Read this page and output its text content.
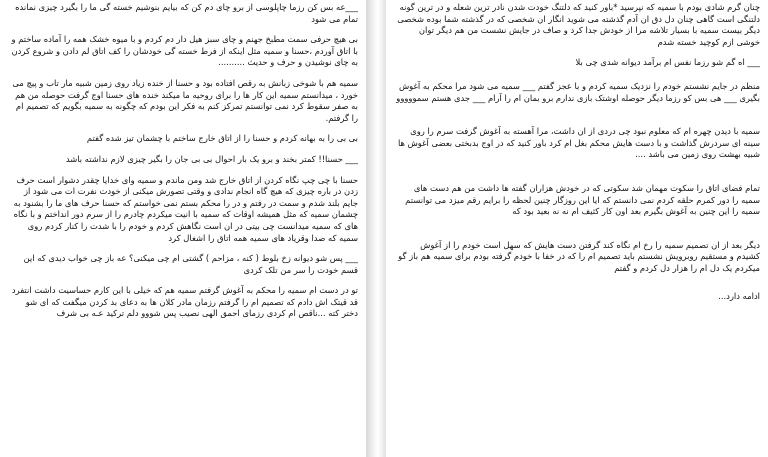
___عه بس کن رزما چاپلوسی از برو چای دم کن که بیایم بنوشیم خسته گی ما را بگیرد چیزی نمانده تمام می شود

بی هیچ حرفی سمت مطبخ جهنم و چای سبز هیل دار دم کردم و با میوه خشک همه را آماده ساختم و با اتاق آوردم ،حسنا و سمیه مثل اینکه از فرط خسته گی خودشان را کف اتاق لم دادن و شروع کردن به چای نوشیدن و حرف و حدیث ..........

سمیه هم با شوخی زبانش به رقص افتاده بود و حسنا از خنده زیاد روی زمین شبیه مار تاب و پیچ می خورد ، میدانستم سمیه این کار ها را برای روحیه ما میکند خنده های حسنا اوج گرفت حوصله من هم به صفر سقوط کرد نمی توانستم تمرکز کنم به فکر این بودم که چگونه به سمیه بگویم که تصمیم ام را گرفتم.

بی بی را به بهانه کردم و حسنا را از اتاق خارج ساختم با چشمان تیز شده گفتم

___ حسنا!! کمتر بخند و برو یک بار احوال بی بی جان را بگیر چیزی لازم نداشته باشد

حسنا با چی چپ نگاه کردن از اتاق خارج شد ومن ماندم و سمیه وای خدایا چقدر دشوار است حرف زدن در باره چیزی که هیچ گاه انجام ندادی و وقتی تصورش میکنی از خودت نفرت ات می شود از جایم بلند شدم و سمت در رفتم و در را محکم بستم نمی خواستم که حسنا حرف های ما را بشنود به چشمان سمیه که مثل همیشه اوقات که سمیه با انیت میکردم چادرم را از سرم دور انداختم و با نگاه های که سمیه میدانست چی بیتی در ان است نگاهش کردم و خودم را با شدت را کنار کردم روی سمیه که صدا وقریاد های سمیه همه اتاق را اشغال کرد

___ پس شو دیوانه زخ بلوط ( کنه ، مزاحم ) گشتی ام چی میکنی؟ عه باز چی خواب دیدی که این قسم خودت را سر من تلک کردی

تو در دست ام سمیه را محکم به آغوش گرفتم سمیه هم که خیلی با این کارم حساسیت داشت انتفرد قد قیتک اش دادم که تصمیم ام را گرفتم رزمان مادر کلان ها به دعای بد کردن میگفت که ای شو دختر کته ...ناقص ام کردی رزمای احمق الهی نصیب پس شووو دلم ترکید عـه بی شرف

چنان گرم شادی بودم با سمیه که نپرسید *باور کنید که دلتنگ خودت شدن نادر ترین شعله و در ترین گونه دلتنگی است گاهی چنان دل دق ان آدم گذشته می شوید انگار ان شخصی که در گذشته شما بوده شخصی دیگر بیست سمیه با بسیار تلاشه مرا از خودش جدا کرد و صاف در جایش نشست من هم دیگر توان خوشی ازم کوچید خسته شدم

___ اه گم شو رزما نفس ام برآمد دیوانه شدی چی بلا

منظم در جایم نشستم خودم را نزدیک سمیه کردم و با عجز گفتم ___ سمیه می شود مرا محکم به آغوش بگیری ___ هی بس کو رزما دیگر حوصله اوشتک بازی ندارم برو بمان ام را آرام ___ جدی هستم سمووووو

سمیه با دیدن چهره ام که معلوم نبود چی دردی از ان داشت، مرا آهسته به آغوش گرفت سرم را روی سینه ای سردرش گذاشت و با دست هایش محکم بغل ام کرد باور کنید که در اوج بدبختی بعضی آغوش ها شبیه بهشت روی زمین می باشد ....

تمام فضای اتاق را سکوت مهمان شد سکوتی که در خودش هزاران گفته ها داشت من هم دست های سمیه را دور کمرم حلقه کردم نمی دانستم که ایا این روزگار چنین لحظه را برایم رقم میزد می توانستم سمیه را این چنین به آغوش بگیرم بعد اون کار کثیف ام نه نه بعید بود که

دیگر بعد از ان تصمیم سمیه را رخ ام نگاه کند گرفتن دست هایش که سهل است خودم را از آغوش کشیدم و مستقیم روبرویش نشستم باید تصمیم ام را که در خفا با خودم گرفته بودم برای سمیه هم باز گو میکردم یک دل ام را هزار دل کردم و گفتم

ادامه دارد...
